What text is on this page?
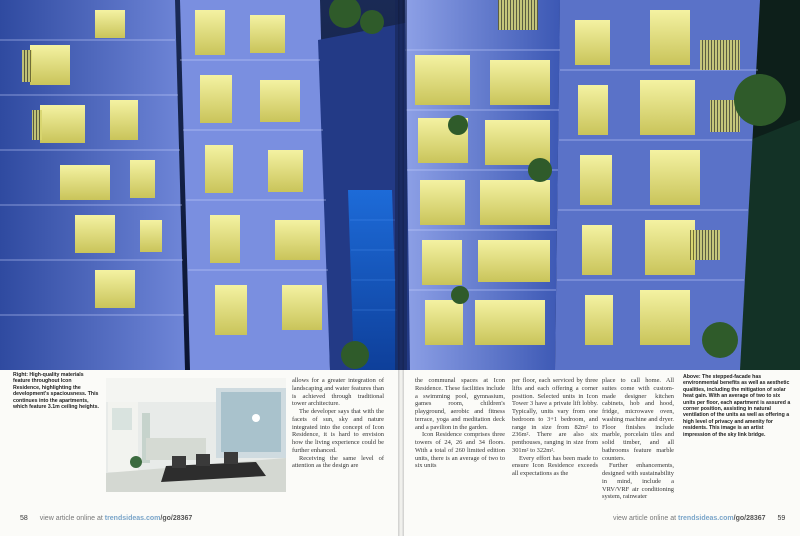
Right: High-quality materials feature throughout Icon Residence, highlighting the development's spaciousness. This continues into the apartments, which feature 3.1m ceiling heights.

allows for a greater integration of landscaping and water features than is achieved through traditional tower architecture.

The developer says that with the facets of sun, sky and nature integrated into the concept of Icon Residence, it is hard to envision how the living experience could be further enhanced.

Receiving the same level of attention as the design are

the communal spaces at Icon Residence. These facilities include a swimming pool, gymnasium, games room, children's playground, aerobic and fitness terrace, yoga and meditation deck and a pavilion in the garden.

Icon Residence comprises three towers of 24, 26 and 34 floors. With a total of 260 limited edition units, there is an average of two to six units

per floor, each serviced by three lifts and each offering a corner position. Selected units in Icon Tower 3 have a private lift lobby. Typically, units vary from one bedroom to 3+1 bedroom, and range in size from 82m² to 236m². There are also six penthouses, ranging in size from 301m² to 322m².

Every effort has been made to ensure Icon Residence exceeds all expectations as the

place to call home. All suites come with custom-made designer kitchen cabinets, hob and hood, fridge, microwave oven, washing machine and dryer. Floor finishes include marble, porcelain tiles and solid timber, and all bathrooms feature marble counters.

Further enhancements, designed with sustainability in mind, include a VRV/VRF air conditioning system, rainwater

Above: The stepped-facade has environmental benefits as well as aesthetic qualities, including the mitigation of solar heat gain. With an average of two to six units per floor, each apartment is assured a corner position, assisting in natural ventilation of the units as well as offering a high level of privacy and amenity for residents. This image is an artist impression of the sky link bridge.
58 view article online at trendsideas.com/go/28367	view article online at trendsideas.com/go/28367 59
